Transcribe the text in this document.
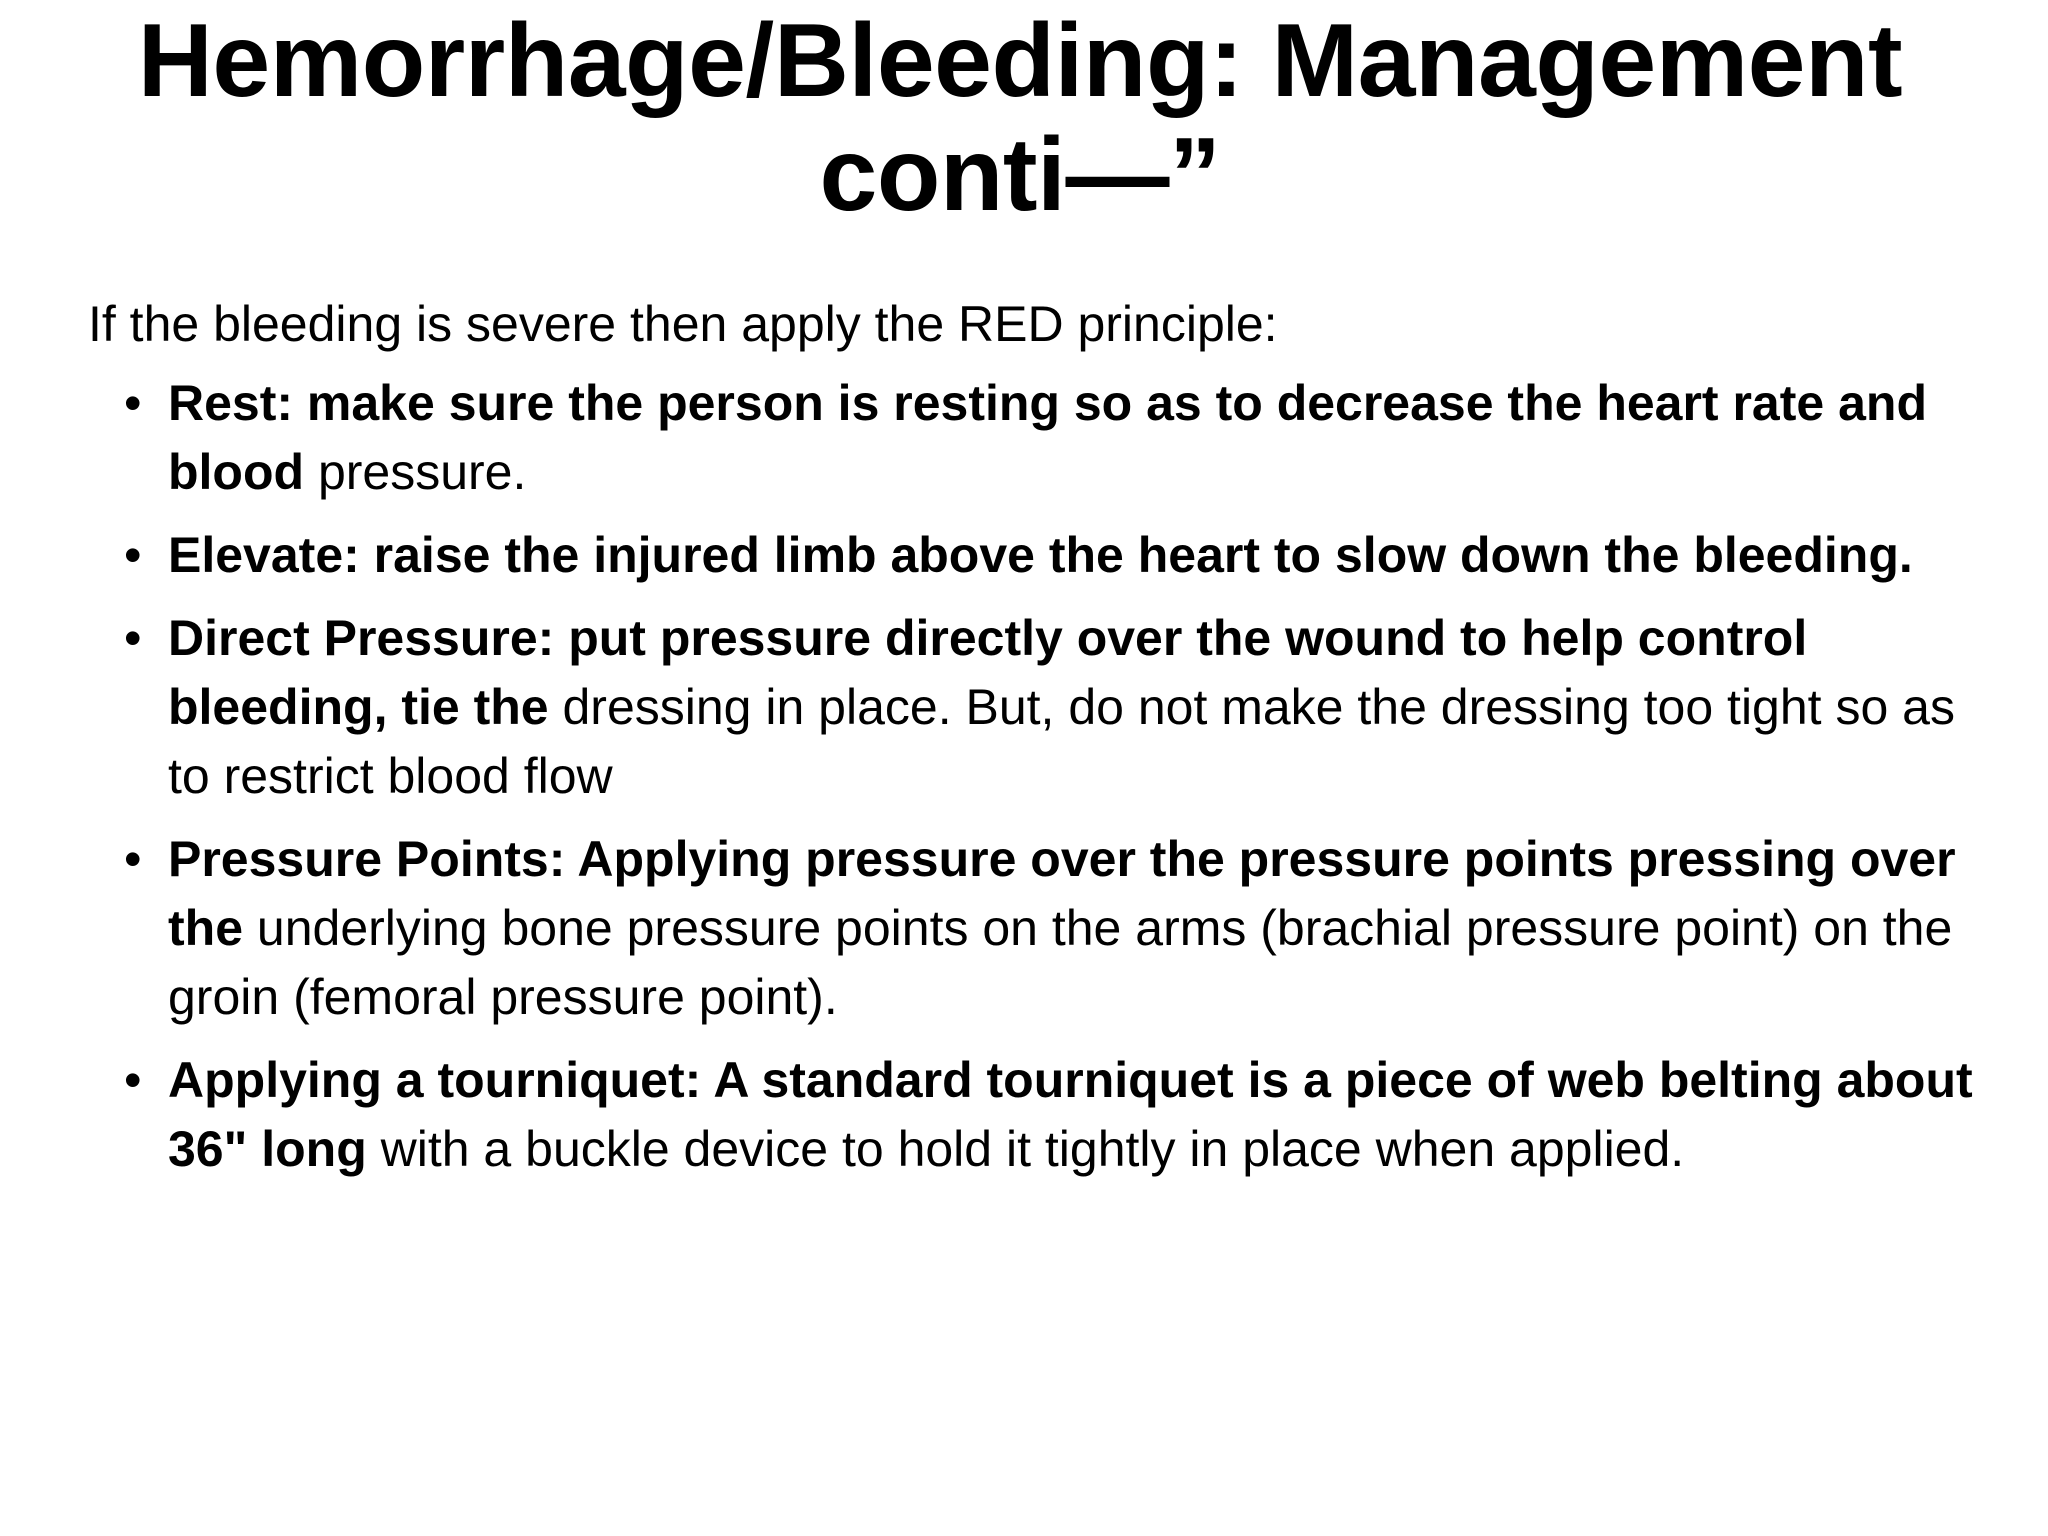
Hemorrhage/Bleeding: Management conti—”

If the bleeding is severe then apply the RED principle:

• Rest: make sure the person is resting so as to decrease the heart rate and blood pressure.
• Elevate: raise the injured limb above the heart to slow down the bleeding.
• Direct Pressure: put pressure directly over the wound to help control bleeding, tie the dressing in place. But, do not make the dressing too tight so as to restrict blood flow
• Pressure Points: Applying pressure over the pressure points pressing over the underlying bone pressure points on the arms (brachial pressure point) on the groin (femoral pressure point).
• Applying a tourniquet: A standard tourniquet is a piece of web belting about 36" long with a buckle device to hold it tightly in place when applied.
